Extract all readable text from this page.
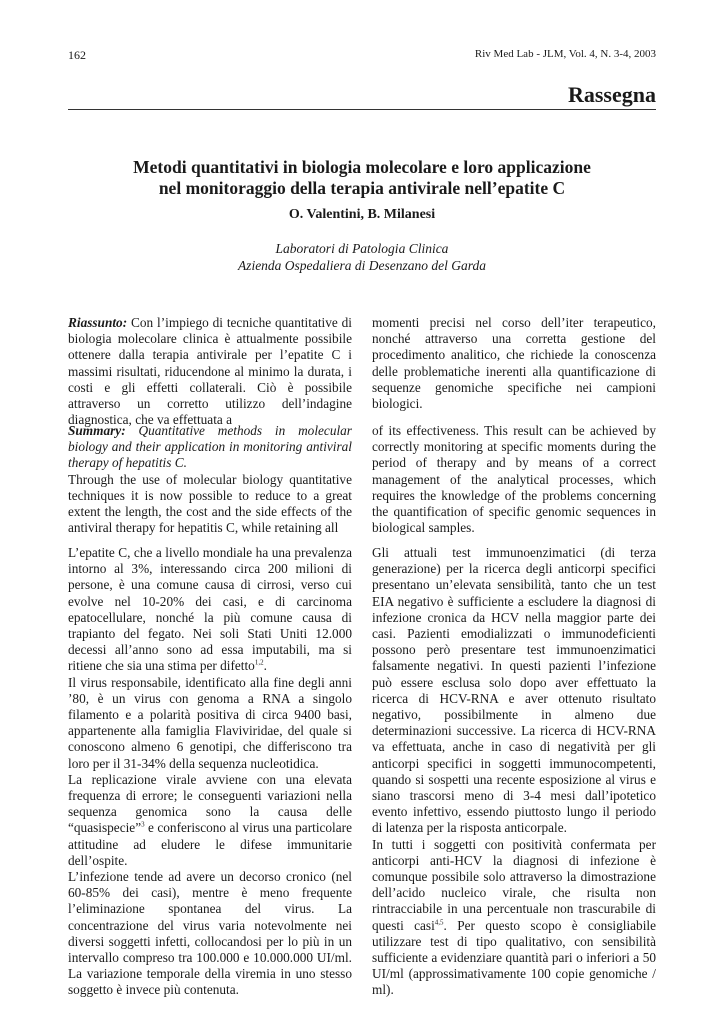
162	Riv Med Lab - JLM, Vol. 4, N. 3-4, 2003
Rassegna
Metodi quantitativi in biologia molecolare e loro applicazione
nel monitoraggio della terapia antivirale nell’epatite C
O. Valentini, B. Milanesi
Laboratori di Patologia Clinica
Azienda Ospedaliera di Desenzano del Garda

Riassunto: Con l’impiego di tecniche quantitative di biologia molecolare clinica è attualmente possibile ottenere dalla terapia antivirale per l’epatite C i massimi risultati, riducendone al minimo la durata, i costi e gli effetti collaterali. Ciò è possibile attraverso un corretto utilizzo dell’indagine diagnostica, che va effettuata a

momenti precisi nel corso dell’iter terapeutico, nonché attraverso una corretta gestione del procedimento analitico, che richiede la conoscenza delle problematiche inerenti alla quantificazione di sequenze genomiche specifiche nei campioni biologici.

Summary: Quantitative methods in molecular biology and their application in monitoring antiviral therapy of hepatitis C.

Through the use of molecular biology quantitative techniques it is now possible to reduce to a great extent the length, the cost and the side effects of the antiviral therapy for hepatitis C, while retaining all

of its effectiveness. This result can be achieved by correctly monitoring at specific moments during the period of therapy and by means of a correct management of the analytical processes, which requires the knowledge of the problems concerning the quantification of specific genomic sequences in biological samples.

L’epatite C, che a livello mondiale ha una prevalenza intorno al 3%, interessando circa 200 milioni di persone, è una comune causa di cirrosi, verso cui evolve nel 10-20% dei casi, e di carcinoma epatocellulare, nonché la più comune causa di trapianto del fegato. Nei soli Stati Uniti 12.000 decessi all’anno sono ad essa imputabili, ma si ritiene che sia una stima per difetto$^{1,2}$.

Il virus responsabile, identificato alla fine degli anni ’80, è un virus con genoma a RNA a singolo filamento e a polarità positiva di circa 9400 basi, appartenente alla famiglia Flaviviridae, del quale si conoscono almeno 6 genotipi, che differiscono tra loro per il 31-34% della sequenza nucleotidica.

La replicazione virale avviene con una elevata frequenza di errore; le conseguenti variazioni nella sequenza genomica sono la causa delle “quasispecie”$^3$ e conferiscono al virus una particolare attitudine ad eludere le difese immunitarie dell’ospite.

L’infezione tende ad avere un decorso cronico (nel 60-85% dei casi), mentre è meno frequente l’eliminazione spontanea del virus. La concentrazione del virus varia notevolmente nei diversi soggetti infetti, collocandosi per lo più in un intervallo compreso tra 100.000 e 10.000.000 UI/ml. La variazione temporale della viremia in uno stesso soggetto è invece più contenuta.

Gli attuali test immunoenzimatici (di terza generazione) per la ricerca degli anticorpi specifici presentano un’elevata sensibilità, tanto che un test EIA negativo è sufficiente a escludere la diagnosi di infezione cronica da HCV nella maggior parte dei casi. Pazienti emodializzati o immunodeficienti possono però presentare test immunoenzimatici falsamente negativi. In questi pazienti l’infezione può essere esclusa solo dopo aver effettuato la ricerca di HCV-RNA e aver ottenuto risultato negativo, possibilmente in almeno due determinazioni successive. La ricerca di HCV-RNA va effettuata, anche in caso di negatività per gli anticorpi specifici in soggetti immunocompetenti, quando si sospetti una recente esposizione al virus e siano trascorsi meno di 3-4 mesi dall’ipotetico evento infettivo, essendo piuttosto lungo il periodo di latenza per la risposta anticorpale.

In tutti i soggetti con positività confermata per anticorpi anti-HCV la diagnosi di infezione è comunque possibile solo attraverso la dimostrazione dell’acido nucleico virale, che risulta non rintracciabile in una percentuale non trascurabile di questi casi$^{4,5}$. Per questo scopo è consigliabile utilizzare test di tipo qualitativo, con sensibilità sufficiente a evidenziare quantità pari o inferiori a 50 UI/ml (approssimativamente 100 copie genomiche / ml).
